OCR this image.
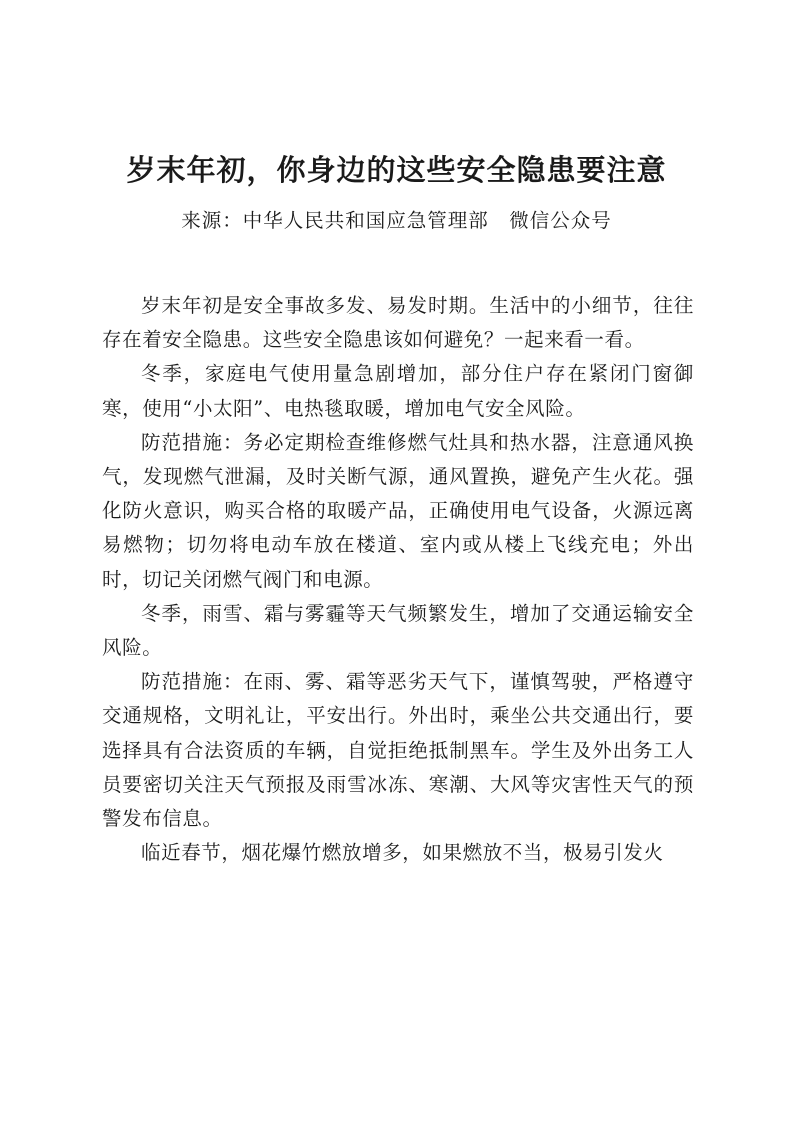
岁末年初，你身边的这些安全隐患要注意
来源：中华人民共和国应急管理部　微信公众号

岁末年初是安全事故多发、易发时期。生活中的小细节，往往存在着安全隐患。这些安全隐患该如何避免？一起来看一看。

冬季，家庭电气使用量急剧增加，部分住户存在紧闭门窗御寒，使用“小太阳”、电热毯取暖，增加电气安全风险。

防范措施：务必定期检查维修燃气灶具和热水器，注意通风换气，发现燃气泄漏，及时关断气源，通风置换，避免产生火花。强化防火意识，购买合格的取暖产品，正确使用电气设备，火源远离易燃物；切勿将电动车放在楼道、室内或从楼上飞线充电；外出时，切记关闭燃气阀门和电源。

冬季，雨雪、霜与雾霾等天气频繁发生，增加了交通运输安全风险。

防范措施：在雨、雾、霜等恶劣天气下，谨慎驾驶，严格遵守交通规格，文明礼让，平安出行。外出时，乘坐公共交通出行，要选择具有合法资质的车辆，自觉拒绝抵制黑车。学生及外出务工人员要密切关注天气预报及雨雪冰冻、寒潮、大风等灾害性天气的预警发布信息。

临近春节，烟花爆竹燃放增多，如果燃放不当，极易引发火
